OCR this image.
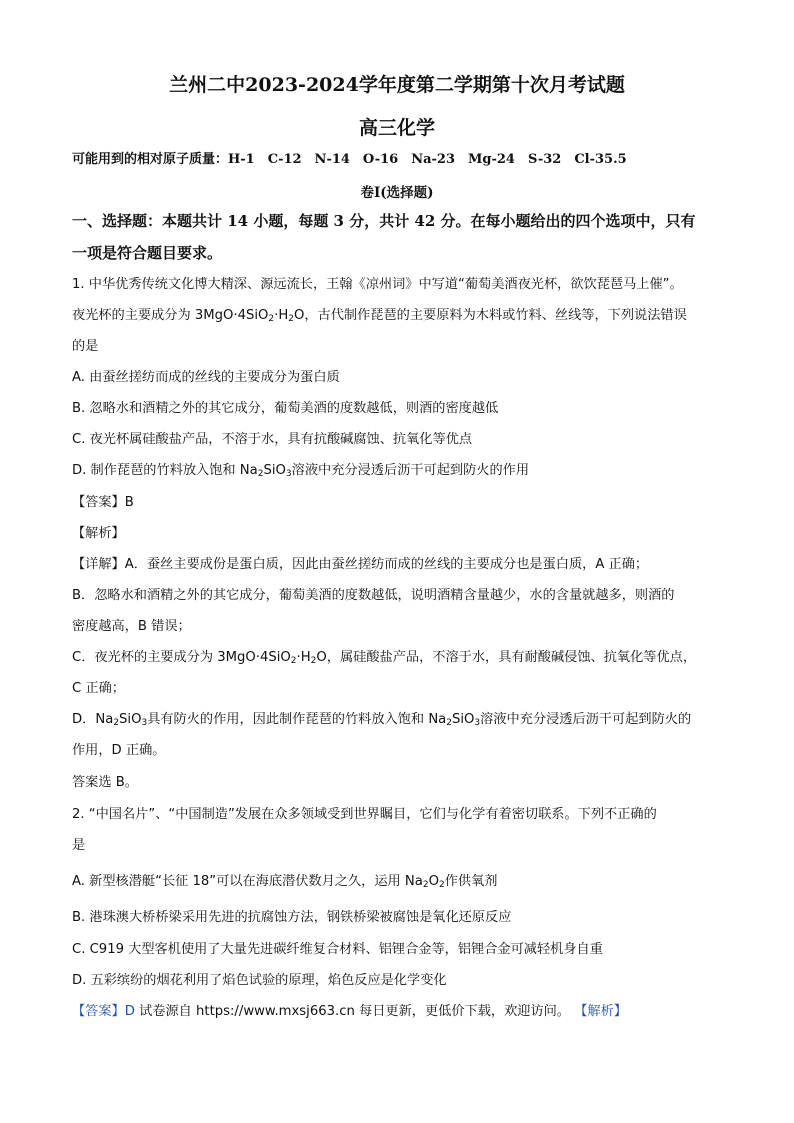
兰州二中2023-2024学年度第二学期第十次月考试题
高三化学
可能用到的相对原子质量：H-1　C-12　N-14　O-16　Na-23　Mg-24　S-32　Cl-35.5
卷Ⅰ(选择题)
一、选择题：本题共计 14 小题，每题 3 分，共计 42 分。在每小题给出的四个选项中，只有
一项是符合题目要求。
1. 中华优秀传统文化博大精深、源远流长，王翰《凉州词》中写道“葡萄美酒夜光杯，欲饮琵琶马上催”。
夜光杯的主要成分为 $3MgO\cdot 4SiO_2\cdot H_2O$，古代制作琵琶的主要原料为木料或竹料、丝线等，下列说法错误
的是
A. 由蚕丝搓纺而成的丝线的主要成分为蛋白质
B. 忽略水和酒精之外的其它成分，葡萄美酒的度数越低，则酒的密度越低
C. 夜光杯属硅酸盐产品，不溶于水，具有抗酸碱腐蚀、抗氧化等优点
D. 制作琵琶的竹料放入饱和 $Na_2SiO_3$溶液中充分浸透后沥干可起到防火的作用
【答案】B
【解析】
【详解】A．蚕丝主要成份是蛋白质，因此由蚕丝搓纺而成的丝线的主要成分也是蛋白质，A 正确；
B．忽略水和酒精之外的其它成分，葡萄美酒的度数越低，说明酒精含量越少，水的含量就越多，则酒的
密度越高，B 错误；
C．夜光杯的主要成分为 $3MgO\cdot 4SiO_2\cdot H_2O$，属硅酸盐产品，不溶于水，具有耐酸碱侵蚀、抗氧化等优点，
C 正确；
D．$Na_2SiO_3$具有防火的作用，因此制作琵琶的竹料放入饱和 $Na_2SiO_3$溶液中充分浸透后沥干可起到防火的
作用，D 正确。
答案选 B。
2. “中国名片”、“中国制造”发展在众多领域受到世界瞩目，它们与化学有着密切联系。下列不正确的
是
A. 新型核潜艇“长征 18”可以在海底潜伏数月之久，运用 $Na_2O_2$作供氧剂
B. 港珠澳大桥桥梁采用先进的抗腐蚀方法，钢铁桥梁被腐蚀是氧化还原反应
C. C919 大型客机使用了大量先进碳纤维复合材料、铝锂合金等，铝锂合金可减轻机身自重
D. 五彩缤纷的烟花利用了焰色试验的原理，焰色反应是化学变化
【答案】D 试卷源自 https://www.mxsj663.cn 每日更新，更低价下载，欢迎访问。 【解析】
